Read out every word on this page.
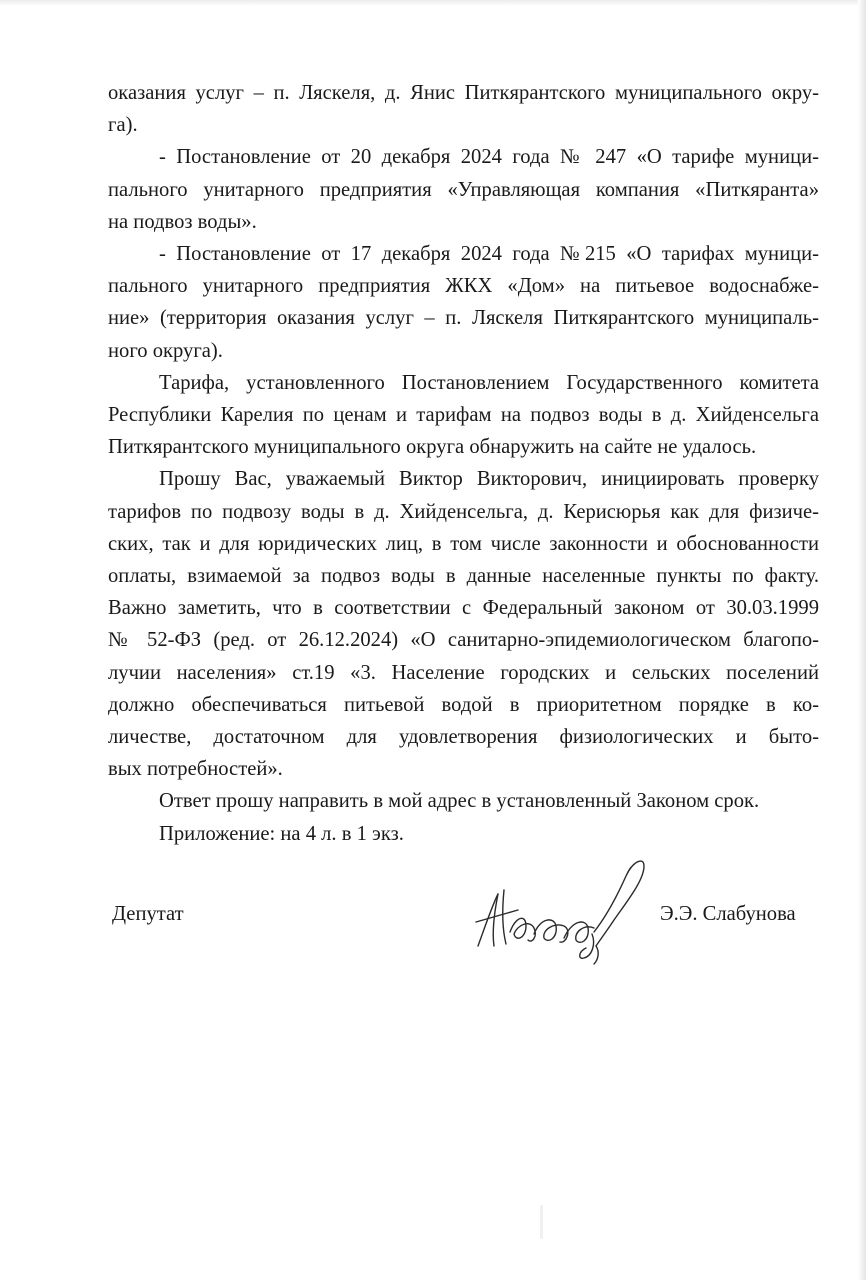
оказания услуг – п. Ляскеля, д. Янис Питкярантского муниципального окру-
га).

- Постановление от 20 декабря 2024 года № 247 «О тарифе муници-
пального унитарного предприятия «Управляющая компания «Питкяранта»
на подвоз воды».

- Постановление от 17 декабря 2024 года №215 «О тарифах муници-
пального унитарного предприятия ЖКХ «Дом» на питьевое водоснабже-
ние» (территория оказания услуг – п. Ляскеля Питкярантского муниципаль-
ного округа).

Тарифа, установленного Постановлением Государственного комитета
Республики Карелия по ценам и тарифам на подвоз воды в д. Хийденсельга
Питкярантского муниципального округа обнаружить на сайте не удалось.

Прошу Вас, уважаемый Виктор Викторович, инициировать проверку
тарифов по подвозу воды в д. Хийденсельга, д. Керисюрья как для физиче-
ских, так и для юридических лиц, в том числе законности и обоснованности
оплаты, взимаемой за подвоз воды в данные населенные пункты по факту.
Важно заметить, что в соответствии с Федеральный законом от 30.03.1999
№ 52-ФЗ (ред. от 26.12.2024) «О санитарно-эпидемиологическом благопо-
лучии населения» ст.19 «3. Население городских и сельских поселений
должно обеспечиваться питьевой водой в приоритетном порядке в ко-
личестве, достаточном для удовлетворения физиологических и быто-
вых потребностей».

Ответ прошу направить в мой адрес в установленный Законом срок.

Приложение: на 4 л. в 1 экз.

Депутат	Э.Э. Слабунова
